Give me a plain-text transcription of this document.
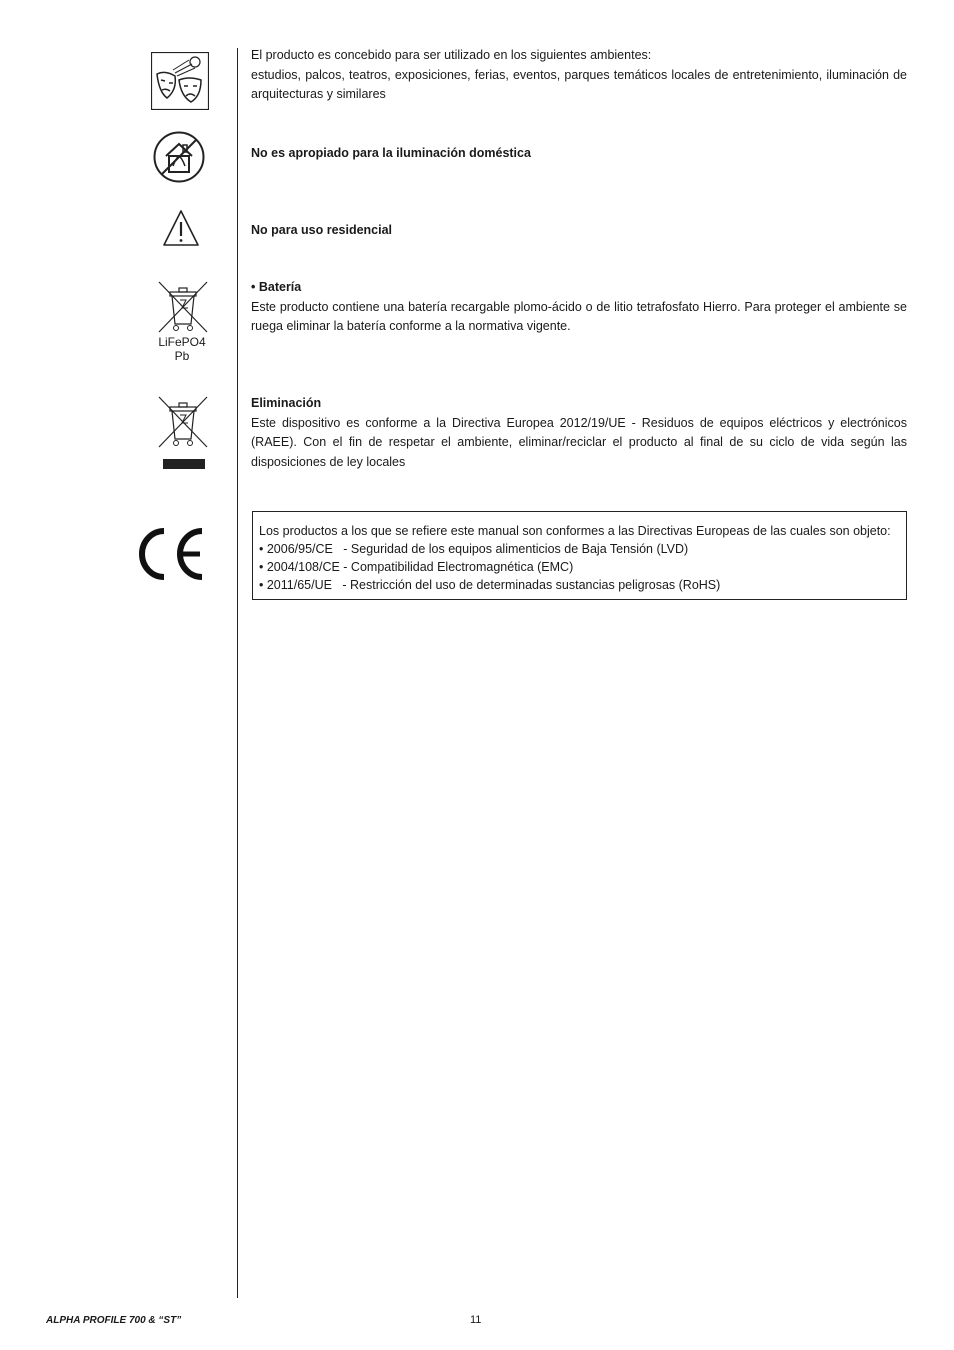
El producto es concebido para ser utilizado en los siguientes ambientes:

estudios, palcos, teatros, exposiciones, ferias, eventos, parques temáticos locales de entretenimiento, iluminación de arquitecturas y similares

No es apropiado para la iluminación doméstica

No para uso residencial

LiFePO4
Pb

• Batería

Este producto contiene una batería recargable plomo-ácido o de litio tetrafosfato Hierro. Para proteger el ambiente se ruega eliminar la batería conforme a la normativa vigente.

Eliminación

Este dispositivo es conforme a la Directiva Europea 2012/19/UE - Residuos de equipos eléctricos y electrónicos (RAEE). Con el fin de respetar el ambiente, eliminar/reciclar el producto al final de su ciclo de vida según las disposiciones de ley locales

Los productos a los que se refiere este manual son conformes a las Directivas Europeas de las cuales son objeto:

• 2006/95/CE   - Seguridad de los equipos alimenticios de Baja Tensión (LVD)

• 2004/108/CE - Compatibilidad Electromagnética (EMC)

• 2011/65/UE   - Restricción del uso de determinadas sustancias peligrosas (RoHS)

ALPHA PROFILE 700 & “ST”	11
